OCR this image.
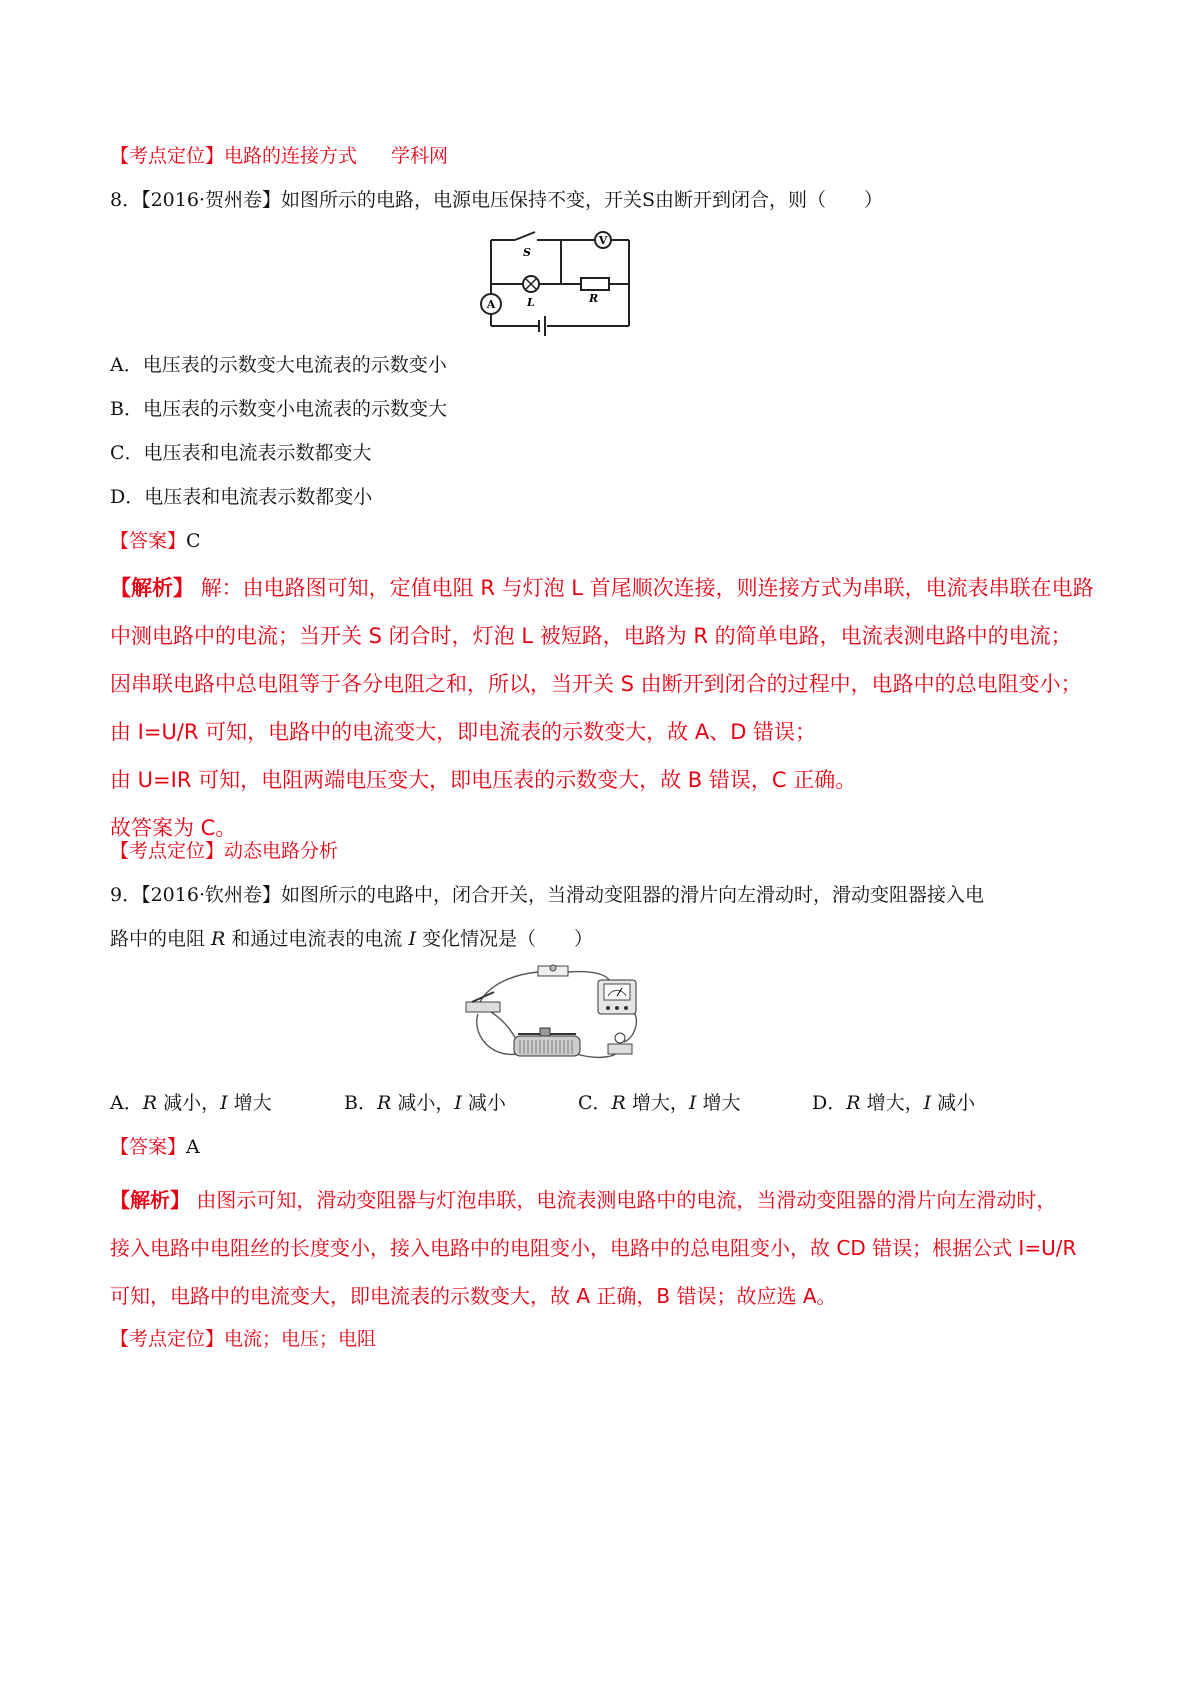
【考点定位】电路的连接方式 学科网
8．【2016·贺州卷】如图所示的电路，电源电压保持不变，开关S由断开到闭合，则（　　）
V
A
S
L	R
A．电压表的示数变大电流表的示数变小
B．电压表的示数变小电流表的示数变大
C．电压表和电流表示数都变大
D．电压表和电流表示数都变小
【答案】C
【解析】 解：由电路图可知，定值电阻 R 与灯泡 L 首尾顺次连接，则连接方式为串联，电流表串联在电路
中测电路中的电流；当开关 S 闭合时，灯泡 L 被短路，电路为 R 的简单电路，电流表测电路中的电流；
因串联电路中总电阻等于各分电阻之和，所以，当开关 S 由断开到闭合的过程中，电路中的总电阻变小；
由 I=U/R 可知，电路中的电流变大，即电流表的示数变大，故 A、D 错误；
由 U=IR 可知，电阻两端电压变大，即电压表的示数变大，故 B 错误，C 正确。
故答案为 C。
【考点定位】动态电路分析
9．【2016·钦州卷】如图所示的电路中，闭合开关，当滑动变阻器的滑片向左滑动时，滑动变阻器接入电
路中的电阻 R 和通过电流表的电流 I 变化情况是（　　）
A．R 减小，I 增大	B．R 减小，I 减小	C．R 增大，I 增大	D．R 增大，I 减小
【答案】A
【解析】 由图示可知，滑动变阻器与灯泡串联，电流表测电路中的电流，当滑动变阻器的滑片向左滑动时，
接入电路中电阻丝的长度变小，接入电路中的电阻变小，电路中的总电阻变小，故 CD 错误；根据公式 I=U/R
可知，电路中的电流变大，即电流表的示数变大，故 A 正确，B 错误；故应选 A。
【考点定位】电流；电压；电阻
